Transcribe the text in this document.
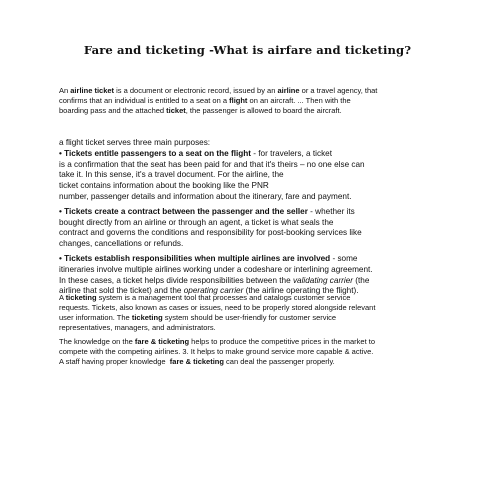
Fare and ticketing -What is airfare and ticketing?
An airline ticket is a document or electronic record, issued by an airline or a travel agency, that
confirms that an individual is entitled to a seat on a flight on an aircraft. ... Then with the
boarding pass and the attached ticket, the passenger is allowed to board the aircraft.
a flight ticket serves three main purposes:
• Tickets entitle passengers to a seat on the flight - for travelers, a ticket
is a confirmation that the seat has been paid for and that it's theirs – no one else can
take it. In this sense, it's a travel document. For the airline, the
ticket contains information about the booking like the PNR
number, passenger details and information about the itinerary, fare and payment.
• Tickets create a contract between the passenger and the seller - whether its
bought directly from an airline or through an agent, a ticket is what seals the
contract and governs the conditions and responsibility for post-booking services like
changes, cancellations or refunds.
• Tickets establish responsibilities when multiple airlines are involved - some
itineraries involve multiple airlines working under a codeshare or interlining agreement.
In these cases, a ticket helps divide responsibilities between the validating carrier (the
airline that sold the ticket) and the operating carrier (the airline operating the flight).
A ticketing system is a management tool that processes and catalogs customer service
requests. Tickets, also known as cases or issues, need to be properly stored alongside relevant
user information. The ticketing system should be user-friendly for customer service
representatives, managers, and administrators.
The knowledge on the fare & ticketing helps to produce the competitive prices in the market to
compete with the competing airlines. 3. It helps to make ground service more capable & active.
A staff having proper knowledge  fare & ticketing can deal the passenger properly.
